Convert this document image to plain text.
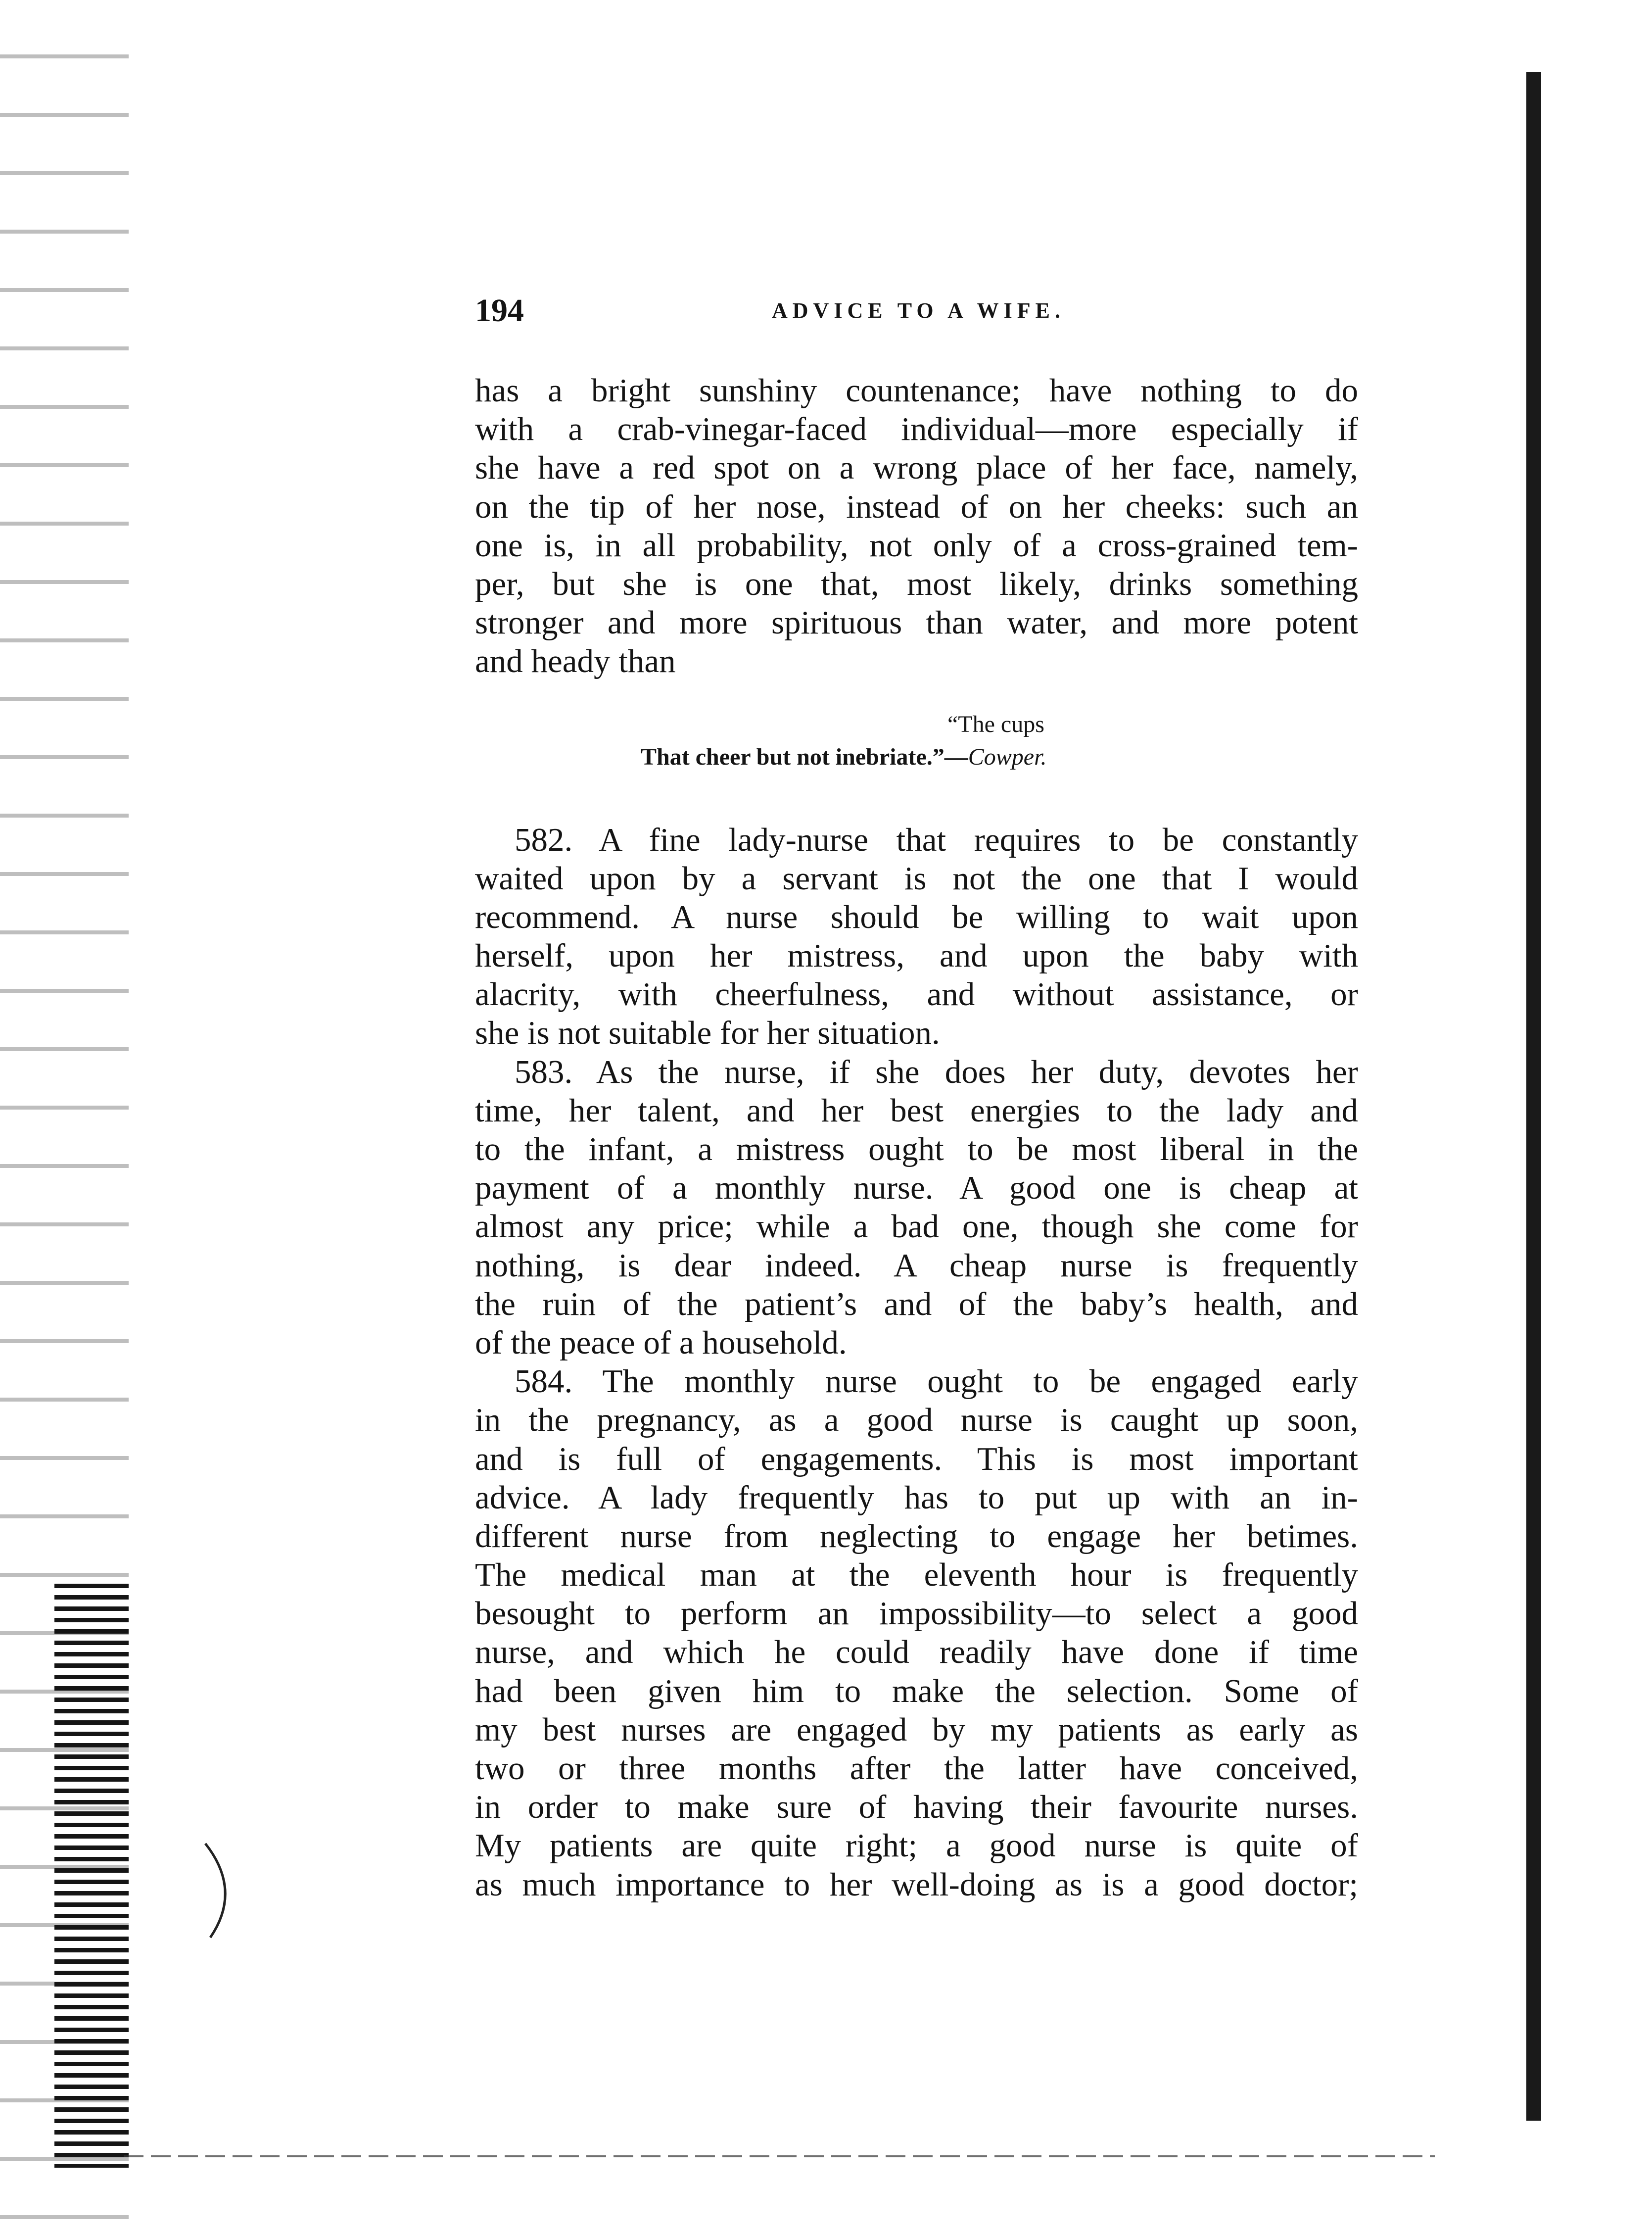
194	ADVICE TO A WIFE.
has a bright sunshiny countenance; have nothing to do
with a crab-vinegar-faced individual—more especially if
she have a red spot on a wrong place of her face, namely,
on the tip of her nose, instead of on her cheeks: such an
one is, in all probability, not only of a cross-grained tem-
per, but she is one that, most likely, drinks something
stronger and more spirituous than water, and more potent
and heady than
“The cups
That cheer but not inebriate.”—Cowper.
582. A fine lady-nurse that requires to be constantly
waited upon by a servant is not the one that I would
recommend. A nurse should be willing to wait upon
herself, upon her mistress, and upon the baby with
alacrity, with cheerfulness, and without assistance, or
she is not suitable for her situation.
583. As the nurse, if she does her duty, devotes her
time, her talent, and her best energies to the lady and
to the infant, a mistress ought to be most liberal in the
payment of a monthly nurse. A good one is cheap at
almost any price; while a bad one, though she come for
nothing, is dear indeed. A cheap nurse is frequently
the ruin of the patient’s and of the baby’s health, and
of the peace of a household.
584. The monthly nurse ought to be engaged early
in the pregnancy, as a good nurse is caught up soon,
and is full of engagements. This is most important
advice. A lady frequently has to put up with an in-
different nurse from neglecting to engage her betimes.
The medical man at the eleventh hour is frequently
besought to perform an impossibility—to select a good
nurse, and which he could readily have done if time
had been given him to make the selection. Some of
my best nurses are engaged by my patients as early as
two or three months after the latter have conceived,
in order to make sure of having their favourite nurses.
My patients are quite right; a good nurse is quite of
as much importance to her well-doing as is a good doctor;
